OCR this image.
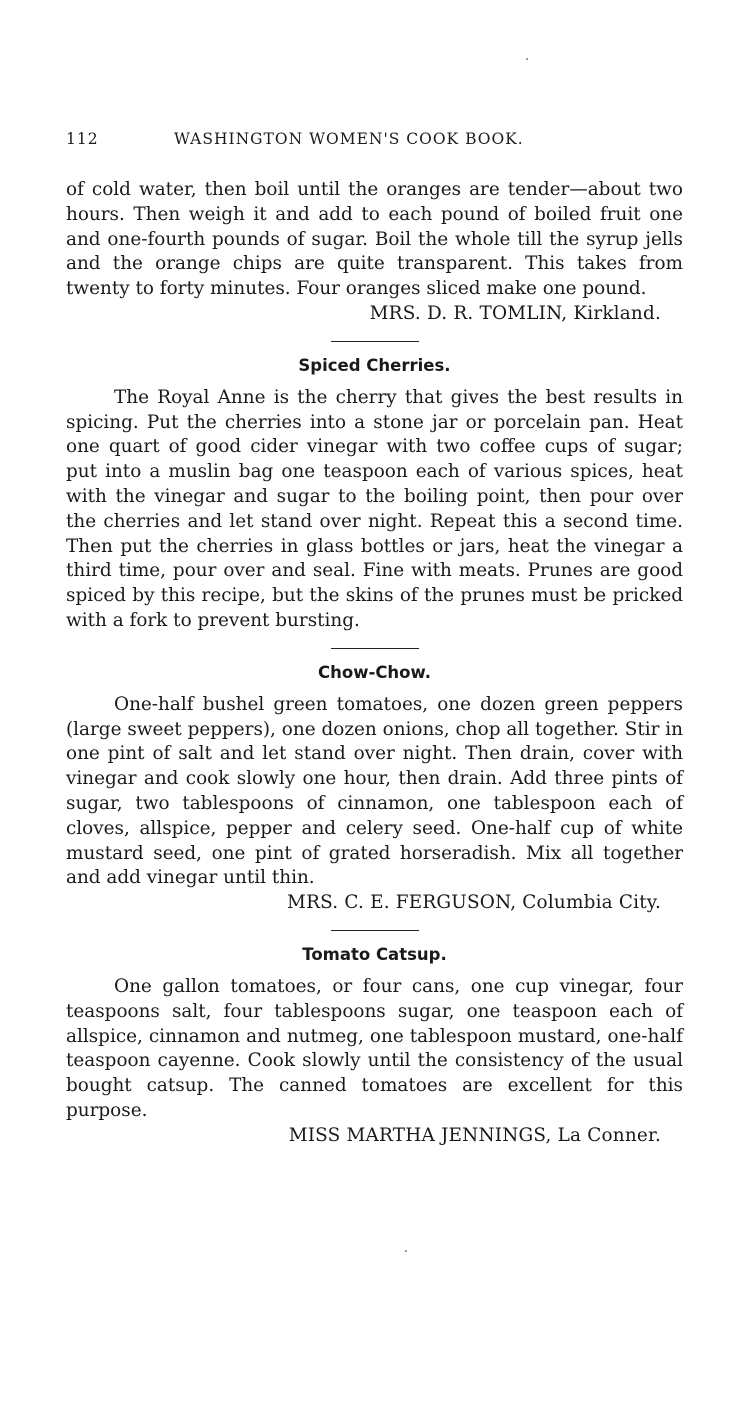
112	WASHINGTON WOMEN'S COOK BOOK.

of cold water, then boil until the oranges are tender—about two hours. Then weigh it and add to each pound of boiled fruit one and one-fourth pounds of sugar. Boil the whole till the syrup jells and the orange chips are quite transparent. This takes from twenty to forty minutes. Four oranges sliced make one pound.

MRS. D. R. TOMLIN, Kirkland.
Spiced Cherries.

The Royal Anne is the cherry that gives the best results in spicing. Put the cherries into a stone jar or porcelain pan. Heat one quart of good cider vinegar with two coffee cups of sugar; put into a muslin bag one teaspoon each of various spices, heat with the vinegar and sugar to the boiling point, then pour over the cherries and let stand over night. Repeat this a second time. Then put the cherries in glass bottles or jars, heat the vinegar a third time, pour over and seal. Fine with meats. Prunes are good spiced by this recipe, but the skins of the prunes must be pricked with a fork to prevent bursting.

Chow-Chow.

One-half bushel green tomatoes, one dozen green peppers (large sweet peppers), one dozen onions, chop all together. Stir in one pint of salt and let stand over night. Then drain, cover with vinegar and cook slowly one hour, then drain. Add three pints of sugar, two tablespoons of cinnamon, one tablespoon each of cloves, allspice, pepper and celery seed. One-half cup of white mustard seed, one pint of grated horseradish. Mix all together and add vinegar until thin.

MRS. C. E. FERGUSON, Columbia City.
Tomato Catsup.

One gallon tomatoes, or four cans, one cup vinegar, four teaspoons salt, four tablespoons sugar, one teaspoon each of allspice, cinnamon and nutmeg, one tablespoon mustard, one-half teaspoon cayenne. Cook slowly until the consistency of the usual bought catsup. The canned tomatoes are excellent for this purpose.

MISS MARTHA JENNINGS, La Conner.
